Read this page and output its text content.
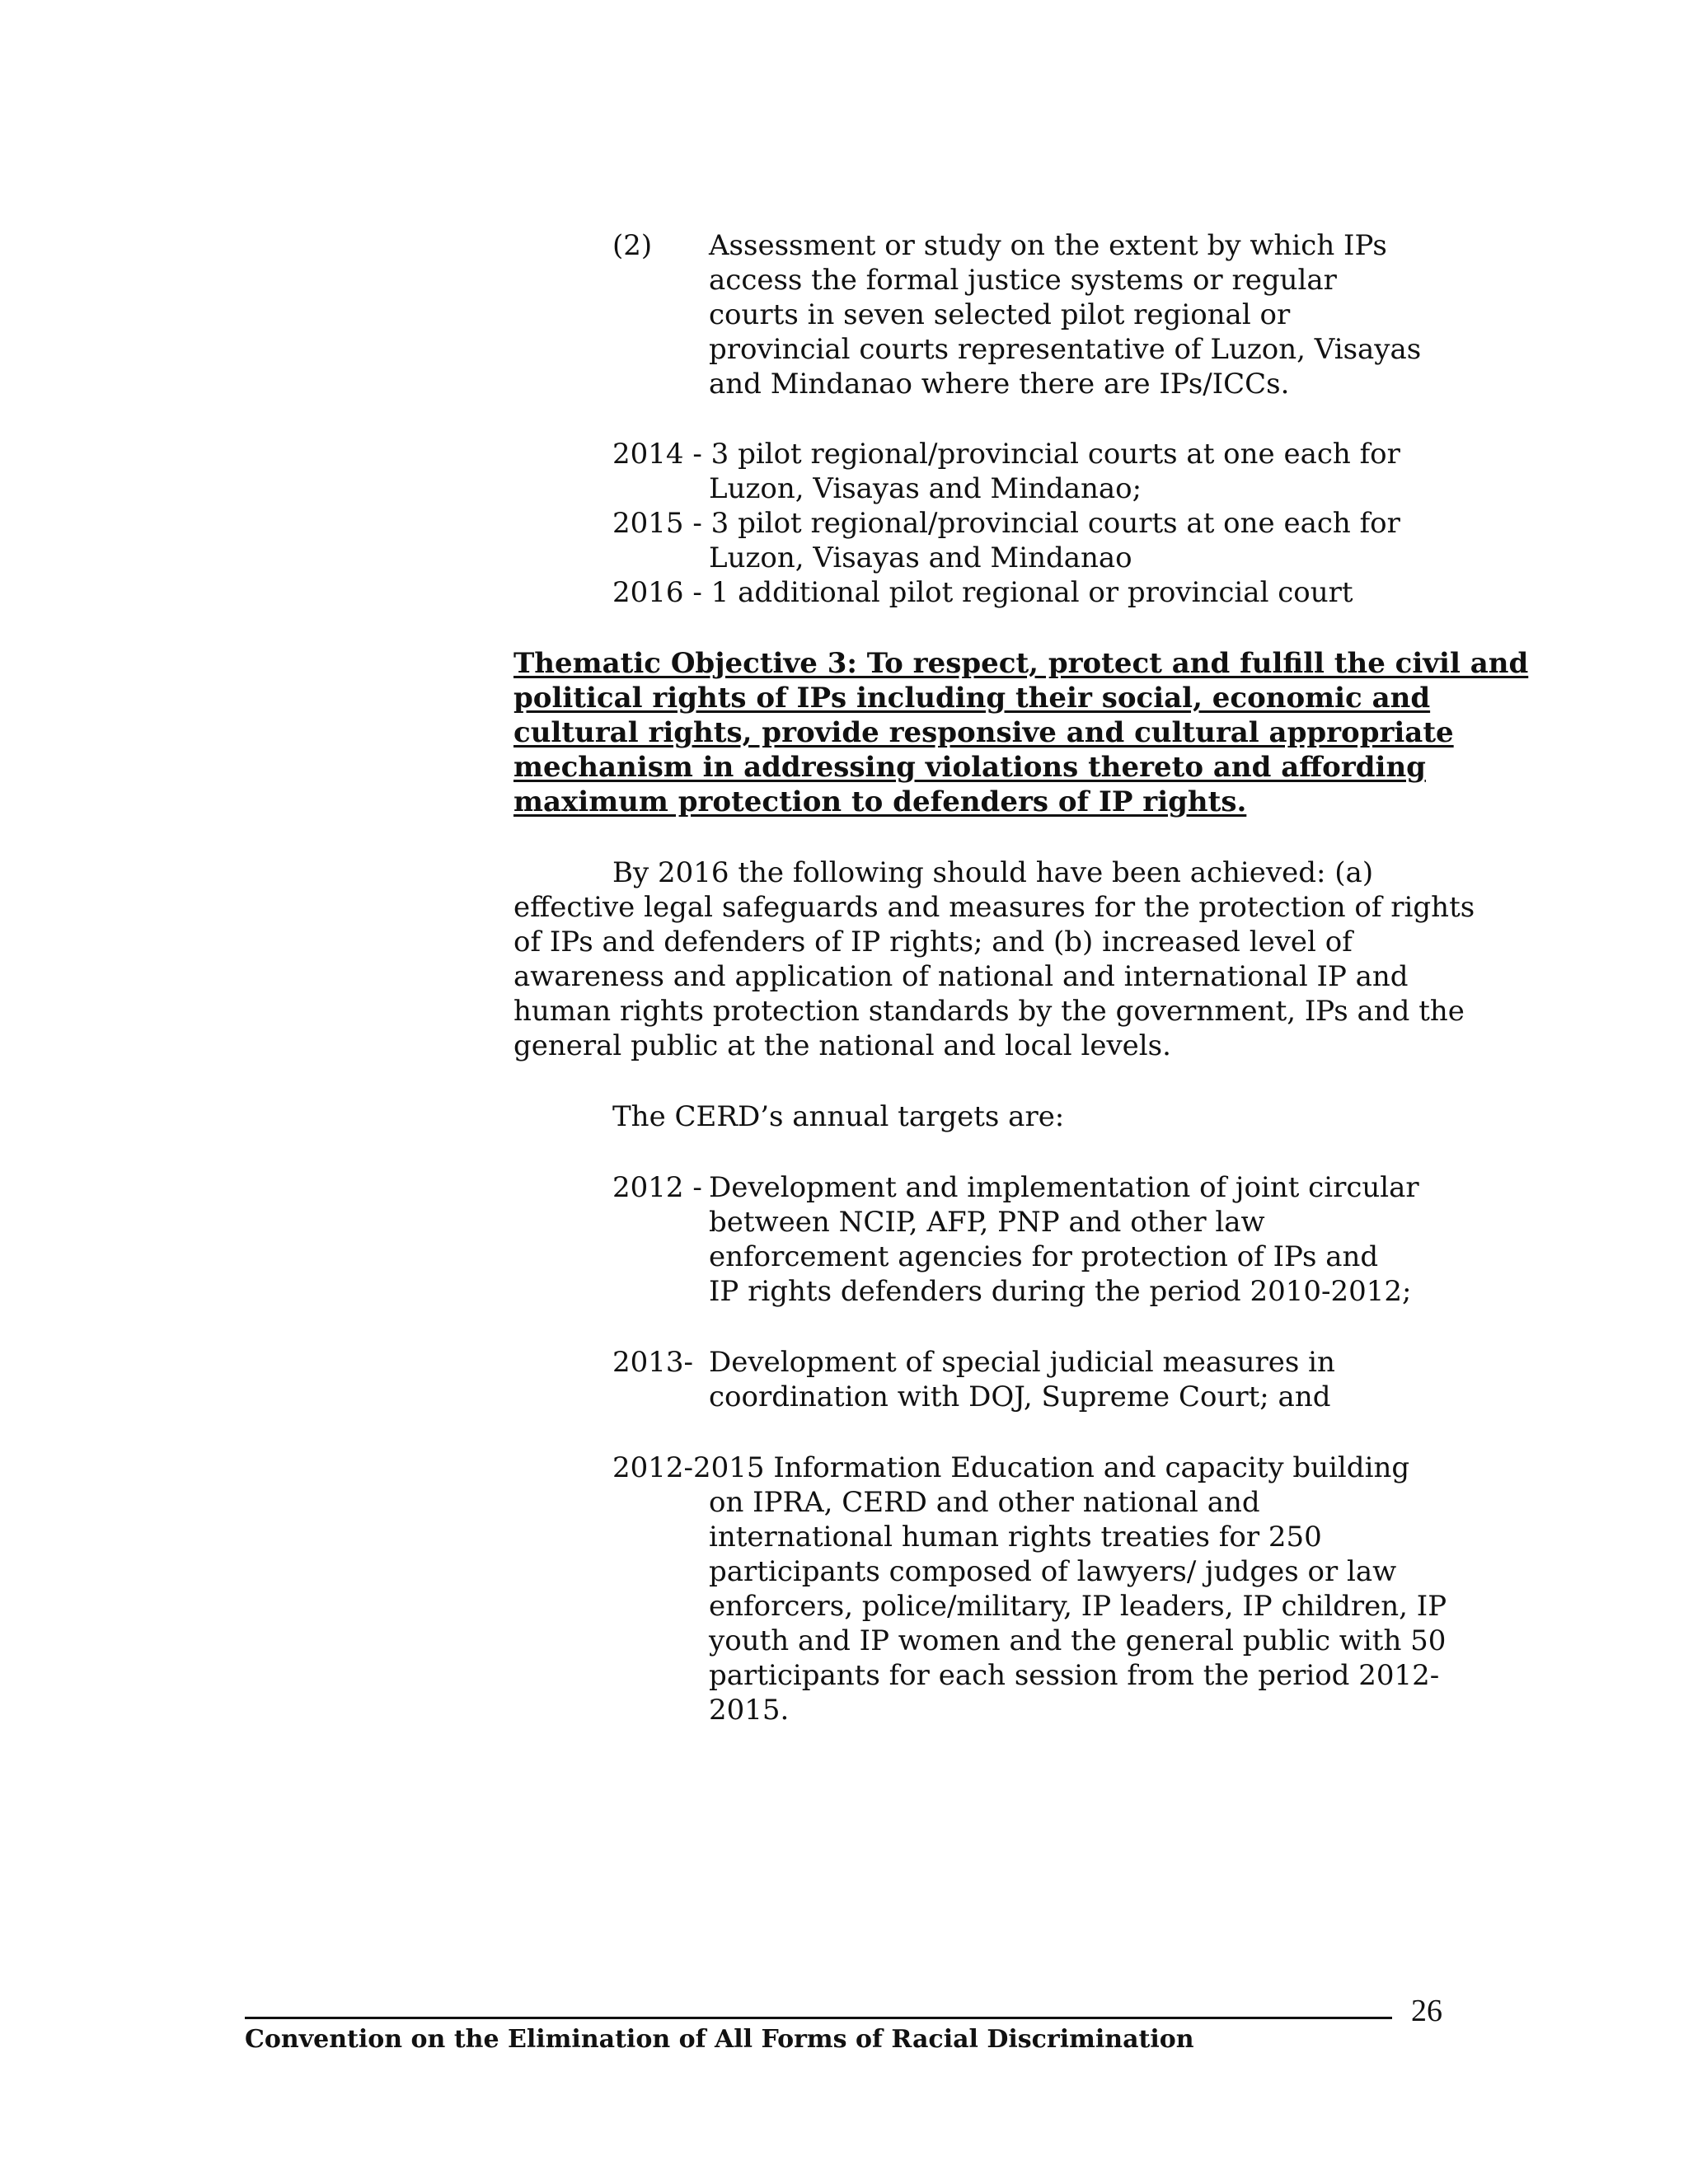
(2) Assessment or study on the extent by which IPs
access the formal justice systems or regular
courts in seven selected pilot regional or
provincial courts representative of Luzon, Visayas
and Mindanao where there are IPs/ICCs.
2014 - 3 pilot regional/provincial courts at one each for
Luzon, Visayas and Mindanao;
2015 - 3 pilot regional/provincial courts at one each for
Luzon, Visayas and Mindanao
2016 - 1 additional pilot regional or provincial court
Thematic Objective 3: To respect, protect and fulfill the civil and
political rights of IPs including their social, economic and
cultural rights, provide responsive and cultural appropriate
mechanism in addressing violations thereto and affording
maximum protection to defenders of IP rights.
By 2016 the following should have been achieved: (a)
effective legal safeguards and measures for the protection of rights
of IPs and defenders of IP rights; and (b) increased level of
awareness and application of national and international IP and
human rights protection standards by the government, IPs and the
general public at the national and local levels.
The CERD’s annual targets are:
2012 - Development and implementation of joint circular
between NCIP, AFP, PNP and other law
enforcement agencies for protection of IPs and
IP rights defenders during the period 2010-2012;
2013- Development of special judicial measures in
coordination with DOJ, Supreme Court; and
2012-2015 Information Education and capacity building
on IPRA, CERD and other national and
international human rights treaties for 250
participants composed of lawyers/ judges or law
enforcers, police/military, IP leaders, IP children, IP
youth and IP women and the general public with 50
participants for each session from the period 2012-
2015.
26
Convention on the Elimination of All Forms of Racial Discrimination
